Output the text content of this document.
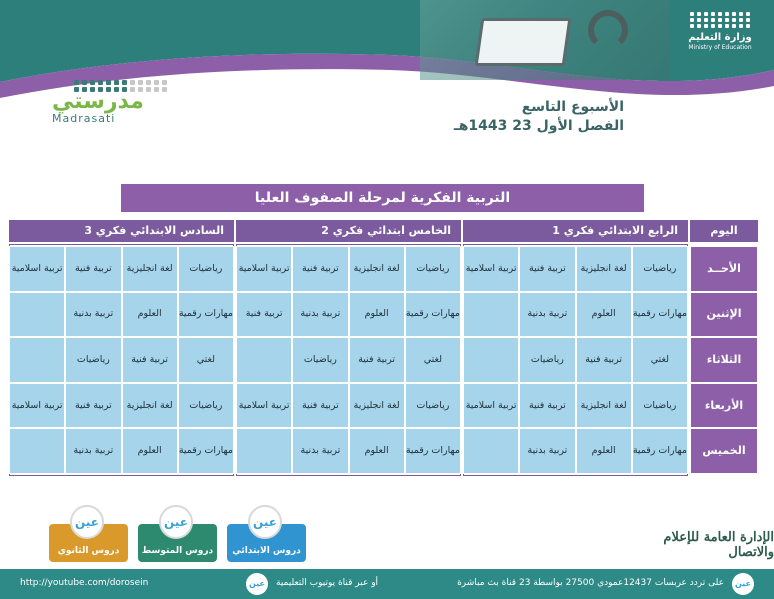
وزارة التعليم
Ministry of Education
مدرستي
Madrasati
الأسبوع التاسع
الفصل الأول 23 1443هـ
التربية الفكرية لمرحلة الصفوف العليا
اليوم
الرابع الابتدائي فكري 1
رياضيات
لغة انجليزية
تربية فنية
تربية اسلامية
مهارات رقمية
العلوم
تربية بدنية
لغتي
تربية فنية
رياضيات
رياضيات
لغة انجليزية
تربية فنية
تربية اسلامية
مهارات رقمية
العلوم
تربية بدنية
الخامس ابتدائي فكري 2
رياضيات
لغة انجليزية
تربية فنية
تربية اسلامية
مهارات رقمية
العلوم
تربية بدنية
تربية فنية
لغتي
تربية فنية
رياضيات
رياضيات
لغة انجليزية
تربية فنية
تربية اسلامية
مهارات رقمية
العلوم
تربية بدنية
السادس الابتدائي فكري 3
رياضيات
لغة انجليزية
تربية فنية
تربية اسلامية
مهارات رقمية
العلوم
تربية بدنية
لغتي
تربية فنية
رياضيات
رياضيات
لغة انجليزية
تربية فنية
تربية اسلامية
مهارات رقمية
العلوم
تربية بدنية
الأحــد
الإثنين
الثلاثاء
الأربعاء
الخميس
دروس الابتدائي
عين
دروس المتوسط
عين
دروس الثانوي
عين
الإدارة العامة للإعلام والاتصال
عين
على تردد عربسات 12437عمودي 27500 بواسطة 23 قناة بث مباشرة
عين	أو عبر قناة يوتيوب التعليمية
http://youtube.com/dorosein
